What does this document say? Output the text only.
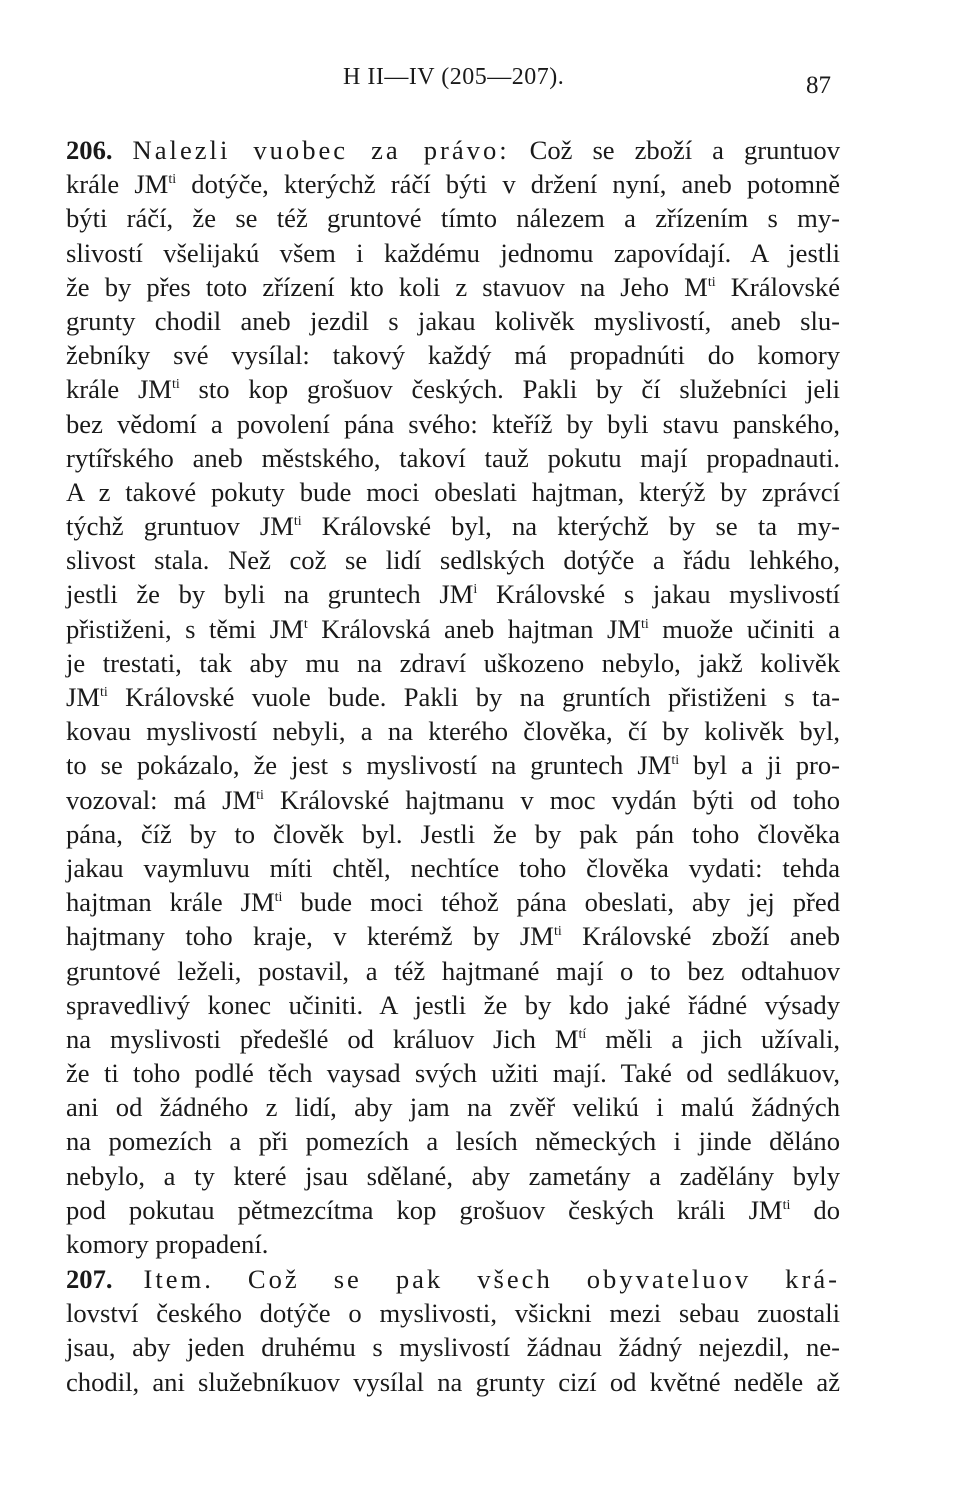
H II—IV (205—207).	87
206. Nalezli vuobec za právo: Což se zboží a gruntuov
krále $JM^{ti}$ dotýče, kterýchž ráčí býti v držení nyní, aneb potomně
býti ráčí, že se též gruntové tímto nálezem a zřízením s my-
slivostí všelijakú všem i každému jednomu zapovídají. A jestli
že by přes toto zřízení kto koli z stavuov na Jeho $M^{ti}$ Královské
grunty chodil aneb jezdil s jakau kolivěk myslivostí, aneb slu-
žebníky své vysílal: takový každý má propadnúti do komory
krále $JM^{ti}$ sto kop grošuov českých. Pakli by čí služebníci jeli
bez vědomí a povolení pána svého: kteříž by byli stavu panského,
rytířského aneb městského, takoví tauž pokutu mají propadnauti.
A z takové pokuty bude moci obeslati hajtman, kterýž by zprávcí
týchž gruntuov $JM^{ti}$ Královské byl, na kterýchž by se ta my-
slivost stala. Než což se lidí sedlských dotýče a řádu lehkého,
jestli že by byli na gruntech $JM^i$ Královské s jakau myslivostí
přistiženi, s těmi $JM^t$ Královská aneb hajtman $JM^{ti}$ muože učiniti a
je trestati, tak aby mu na zdraví uškozeno nebylo, jakž kolivěk
$JM^{ti}$ Královské vuole bude. Pakli by na gruntích přistiženi s ta-
kovau myslivostí nebyli, a na kterého člověka, čí by kolivěk byl,
to se pokázalo, že jest s myslivostí na gruntech $JM^{ti}$ byl a ji pro-
vozoval: má $JM^{ti}$ Královské hajtmanu v moc vydán býti od toho
pána, číž by to člověk byl. Jestli že by pak pán toho člověka
jakau vaymluvu míti chtěl, nechtíce toho člověka vydati: tehda
hajtman krále $JM^{ti}$ bude moci téhož pána obeslati, aby jej před
hajtmany toho kraje, v kterémž by $JM^{ti}$ Královské zboží aneb
gruntové leželi, postavil, a též hajtmané mají o to bez odtahuov
spravedlivý konec učiniti. A jestli že by kdo jaké řádné výsady
na myslivosti předešlé od králuov Jich $M^{tí}$ měli a jich užívali,
že ti toho podlé těch vaysad svých užiti mají. Také od sedlákuov,
ani od žádného z lidí, aby jam na zvěř velikú i malú žádných
na pomezích a při pomezích a lesích německých i jinde děláno
nebylo, a ty které jsau sdělané, aby zametány a zadělány byly
pod pokutau pětmezcítma kop grošuov českých králi $JM^{ti}$ do
komory propadení.
207. Item. Což se pak všech obyvateluov krá-
lovství českého dotýče o myslivosti, všickni mezi sebau zuostali
jsau, aby jeden druhému s myslivostí žádnau žádný nejezdil, ne-
chodil, ani služebníkuov vysílal na grunty cizí od květné neděle až
